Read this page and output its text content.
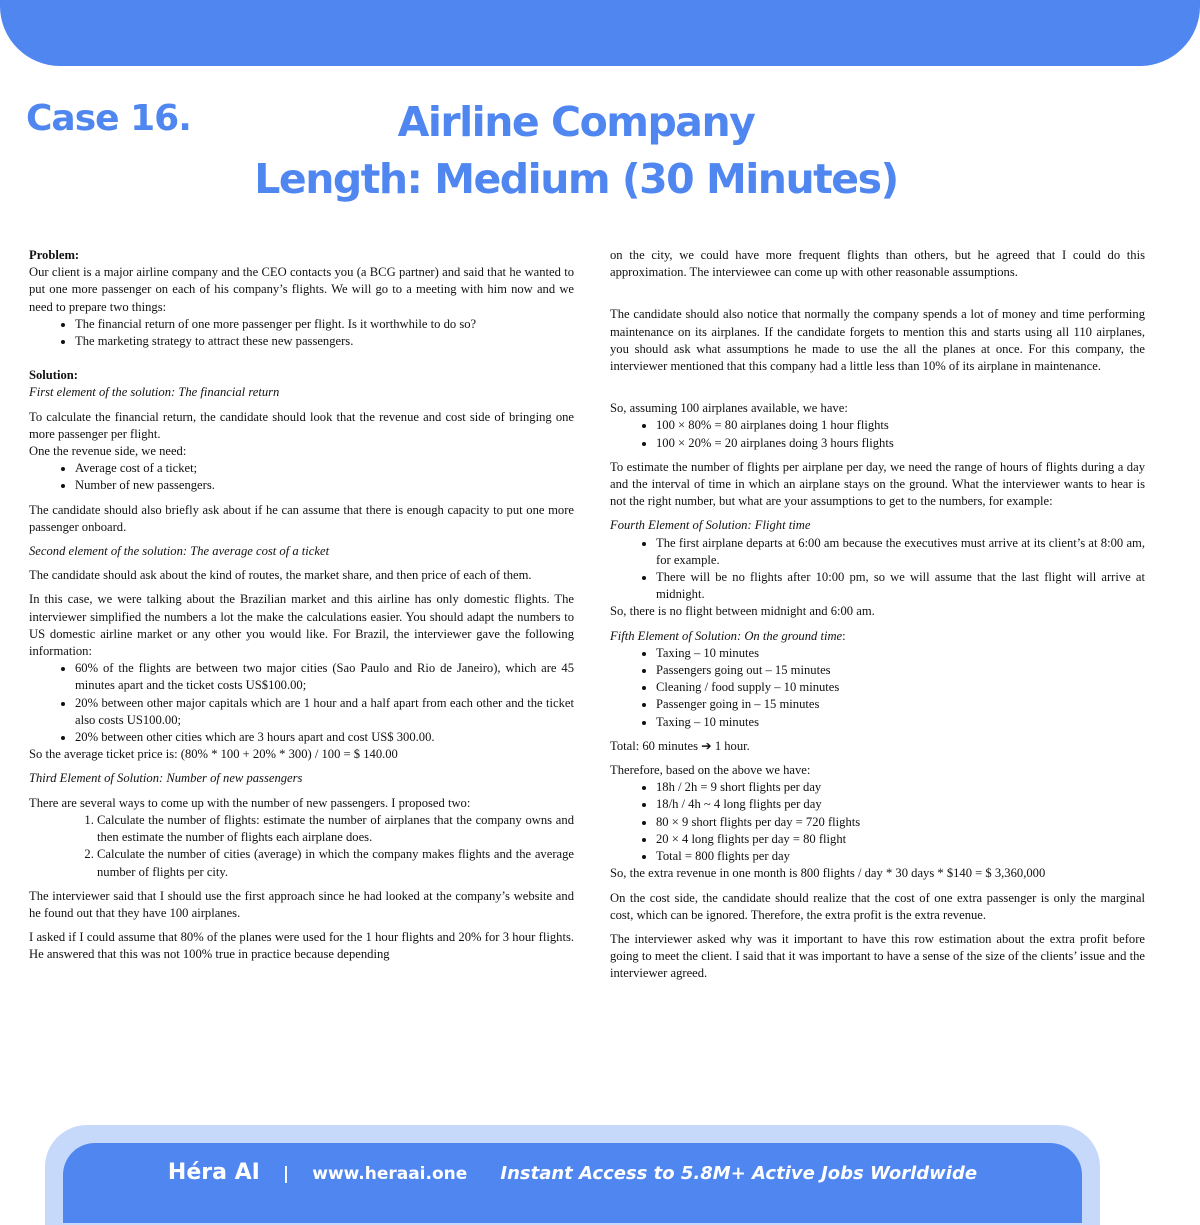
Case 16.	Airline Company
Length: Medium (30 Minutes)

Problem:

Our client is a major airline company and the CEO contacts you (a BCG partner) and said that he wanted to put one more passenger on each of his company’s flights. We will go to a meeting with him now and we need to prepare two things:

• The financial return of one more passenger per flight. Is it worthwhile to do so?
• The marketing strategy to attract these new passengers.

Solution:

First element of the solution: The financial return

To calculate the financial return, the candidate should look that the revenue and cost side of bringing one more passenger per flight.

One the revenue side, we need:

• Average cost of a ticket;
• Number of new passengers.

The candidate should also briefly ask about if he can assume that there is enough capacity to put one more passenger onboard.

Second element of the solution: The average cost of a ticket

The candidate should ask about the kind of routes, the market share, and then price of each of them.

In this case, we were talking about the Brazilian market and this airline has only domestic flights. The interviewer simplified the numbers a lot the make the calculations easier. You should adapt the numbers to US domestic airline market or any other you would like. For Brazil, the interviewer gave the following information:

• 60% of the flights are between two major cities (Sao Paulo and Rio de Janeiro), which are 45 minutes apart and the ticket costs US$100.00;
• 20% between other major capitals which are 1 hour and a half apart from each other and the ticket also costs US100.00;
• 20% between other cities which are 3 hours apart and cost US$ 300.00.

So the average ticket price is: (80% * 100 + 20% * 300) / 100 = $ 140.00

Third Element of Solution: Number of new passengers

There are several ways to come up with the number of new passengers. I proposed two:

1. Calculate the number of flights: estimate the number of airplanes that the company owns and then estimate the number of flights each airplane does.
2. Calculate the number of cities (average) in which the company makes flights and the average number of flights per city.

The interviewer said that I should use the first approach since he had looked at the company’s website and he found out that they have 100 airplanes.

I asked if I could assume that 80% of the planes were used for the 1 hour flights and 20% for 3 hour flights. He answered that this was not 100% true in practice because depending

on the city, we could have more frequent flights than others, but he agreed that I could do this approximation. The interviewee can come up with other reasonable assumptions.

The candidate should also notice that normally the company spends a lot of money and time performing maintenance on its airplanes. If the candidate forgets to mention this and starts using all 110 airplanes, you should ask what assumptions he made to use the all the planes at once. For this company, the interviewer mentioned that this company had a little less than 10% of its airplane in maintenance.

So, assuming 100 airplanes available, we have:

• 100 × 80% = 80 airplanes doing 1 hour flights
• 100 × 20% = 20 airplanes doing 3 hours flights

To estimate the number of flights per airplane per day, we need the range of hours of flights during a day and the interval of time in which an airplane stays on the ground. What the interviewer wants to hear is not the right number, but what are your assumptions to get to the numbers, for example:

Fourth Element of Solution: Flight time

• The first airplane departs at 6:00 am because the executives must arrive at its client’s at 8:00 am, for example.
• There will be no flights after 10:00 pm, so we will assume that the last flight will arrive at midnight.

So, there is no flight between midnight and 6:00 am.

Fifth Element of Solution: On the ground time:

• Taxing – 10 minutes
• Passengers going out – 15 minutes
• Cleaning / food supply – 10 minutes
• Passenger going in – 15 minutes
• Taxing – 10 minutes

Total: 60 minutes ➔ 1 hour.

Therefore, based on the above we have:

• 18h / 2h = 9 short flights per day
• 18/h / 4h ~ 4 long flights per day
• 80 × 9 short flights per day = 720 flights
• 20 × 4 long flights per day = 80 flight
• Total = 800 flights per day

So, the extra revenue in one month is 800 flights / day * 30 days * $140 = $ 3,360,000

On the cost side, the candidate should realize that the cost of one extra passenger is only the marginal cost, which can be ignored. Therefore, the extra profit is the extra revenue.

The interviewer asked why was it important to have this row estimation about the extra profit before going to meet the client. I said that it was important to have a sense of the size of the clients’ issue and the interviewer agreed.

Héra AI | www.heraai.one Instant Access to 5.8M+ Active Jobs Worldwide
